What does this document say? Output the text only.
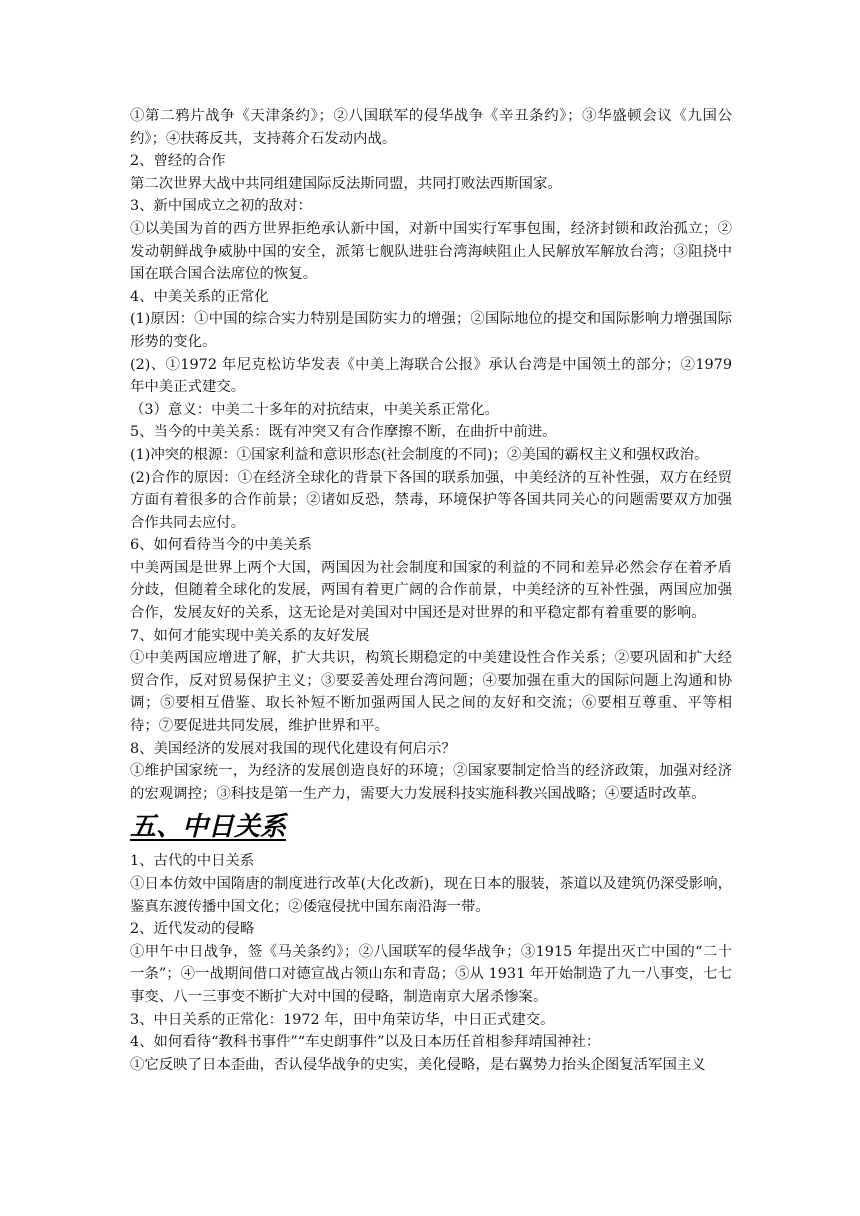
①第二鸦片战争《天津条约》；②八国联军的侵华战争《辛丑条约》；③华盛顿会议《九国公约》；④扶蒋反共，支持蒋介石发动内战。

2、曾经的合作

第二次世界大战中共同组建国际反法斯同盟，共同打败法西斯国家。

3、新中国成立之初的敌对：

①以美国为首的西方世界拒绝承认新中国，对新中国实行军事包围，经济封锁和政治孤立；②发动朝鲜战争威胁中国的安全，派第七舰队进驻台湾海峡阻止人民解放军解放台湾；③阻挠中国在联合国合法席位的恢复。

4、中美关系的正常化

(1)原因：①中国的综合实力特别是国防实力的增强；②国际地位的提交和国际影响力增强国际形势的变化。

(2)、①1972 年尼克松访华发表《中美上海联合公报》承认台湾是中国领土的部分；②1979 年中美正式建交。

（3）意义：中美二十多年的对抗结束，中美关系正常化。

5、当今的中美关系：既有冲突又有合作摩擦不断，在曲折中前进。

(1)冲突的根源：①国家利益和意识形态(社会制度的不同)；②美国的霸权主义和强权政治。

(2)合作的原因：①在经济全球化的背景下各国的联系加强，中美经济的互补性强，双方在经贸方面有着很多的合作前景；②诸如反恐，禁毒，环境保护等各国共同关心的问题需要双方加强合作共同去应付。

6、如何看待当今的中美关系

中美两国是世界上两个大国，两国因为社会制度和国家的利益的不同和差异必然会存在着矛盾分歧，但随着全球化的发展，两国有着更广阔的合作前景，中美经济的互补性强，两国应加强合作，发展友好的关系，这无论是对美国对中国还是对世界的和平稳定都有着重要的影响。

7、如何才能实现中美关系的友好发展

①中美两国应增进了解，扩大共识，构筑长期稳定的中美建设性合作关系；②要巩固和扩大经贸合作，反对贸易保护主义；③要妥善处理台湾问题；④要加强在重大的国际问题上沟通和协调；⑤要相互借鉴、取长补短不断加强两国人民之间的友好和交流；⑥要相互尊重、平等相待；⑦要促进共同发展，维护世界和平。

8、美国经济的发展对我国的现代化建设有何启示？

①维护国家统一，为经济的发展创造良好的环境；②国家要制定恰当的经济政策，加强对经济的宏观调控；③科技是第一生产力，需要大力发展科技实施科教兴国战略；④要适时改革。

五、中日关系

1、古代的中日关系

①日本仿效中国隋唐的制度进行改革(大化改新)，现在日本的服装，茶道以及建筑仍深受影响，鉴真东渡传播中国文化；②倭寇侵扰中国东南沿海一带。

2、近代发动的侵略

①甲午中日战争，签《马关条约》；②八国联军的侵华战争；③1915 年提出灭亡中国的“二十一条”；④一战期间借口对德宣战占领山东和青岛；⑤从 1931 年开始制造了九一八事变，七七事变、八一三事变不断扩大对中国的侵略，制造南京大屠杀惨案。

3、中日关系的正常化：1972 年，田中角荣访华，中日正式建交。

4、如何看待“教科书事件”“车史朗事件”以及日本历任首相参拜靖国神社：

①它反映了日本歪曲，否认侵华战争的史实，美化侵略，是右翼势力抬头企图复活军国主义
